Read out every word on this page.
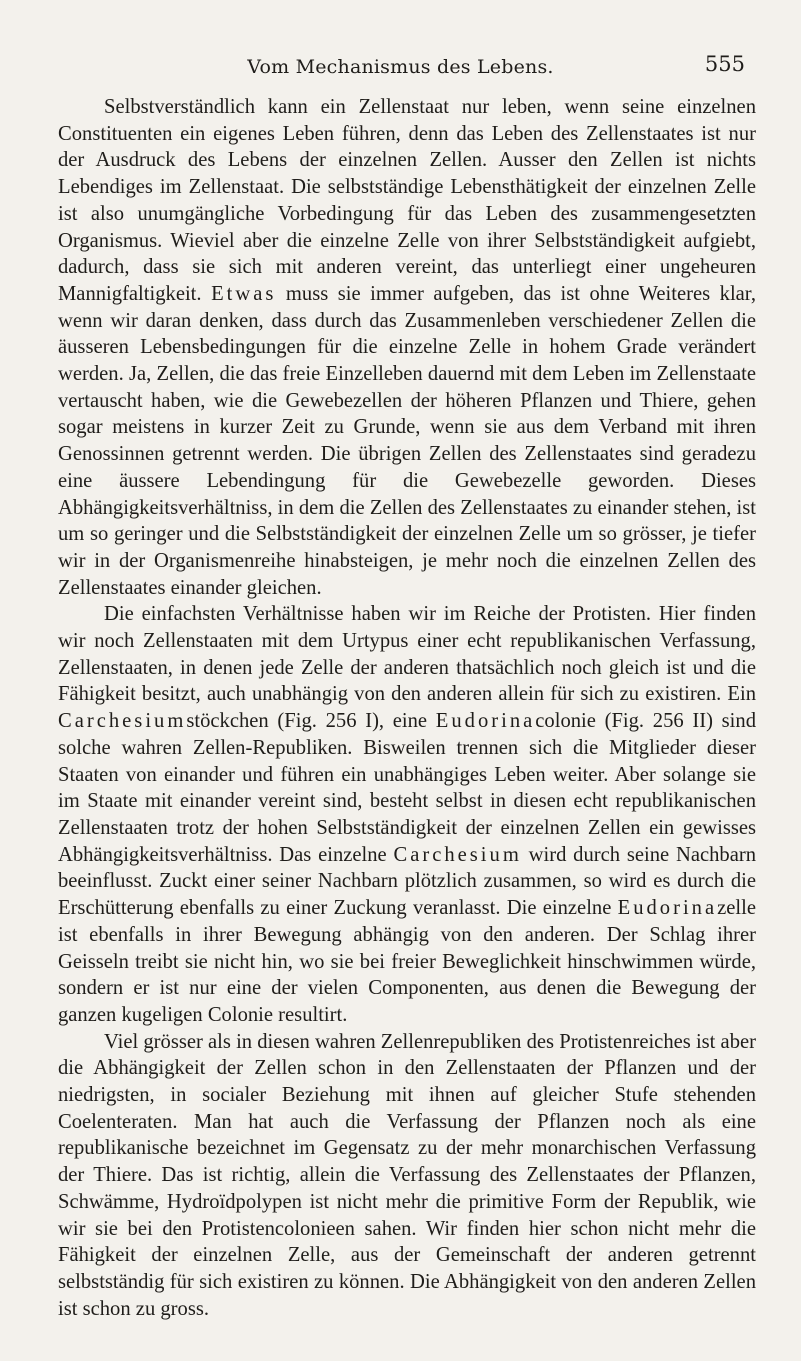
Vom Mechanismus des Lebens.	555

Selbstverständlich kann ein Zellenstaat nur leben, wenn seine einzelnen Constituenten ein eigenes Leben führen, denn das Leben des Zellenstaates ist nur der Ausdruck des Lebens der einzelnen Zellen. Ausser den Zellen ist nichts Lebendiges im Zellenstaat. Die selbstständige Lebensthätigkeit der einzelnen Zelle ist also unumgängliche Vorbedingung für das Leben des zusammengesetzten Organismus. Wieviel aber die einzelne Zelle von ihrer Selbstständigkeit aufgiebt, dadurch, dass sie sich mit anderen vereint, das unterliegt einer ungeheuren Mannigfaltigkeit. Etwas muss sie immer aufgeben, das ist ohne Weiteres klar, wenn wir daran denken, dass durch das Zusammenleben verschiedener Zellen die äusseren Lebensbedingungen für die einzelne Zelle in hohem Grade verändert werden. Ja, Zellen, die das freie Einzelleben dauernd mit dem Leben im Zellenstaate vertauscht haben, wie die Gewebezellen der höheren Pflanzen und Thiere, gehen sogar meistens in kurzer Zeit zu Grunde, wenn sie aus dem Verband mit ihren Genossinnen getrennt werden. Die übrigen Zellen des Zellenstaates sind geradezu eine äussere Lebendingung für die Gewebezelle geworden. Dieses Abhängigkeitsverhältniss, in dem die Zellen des Zellenstaates zu einander stehen, ist um so geringer und die Selbstständigkeit der einzelnen Zelle um so grösser, je tiefer wir in der Organismenreihe hinabsteigen, je mehr noch die einzelnen Zellen des Zellenstaates einander gleichen.

Die einfachsten Verhältnisse haben wir im Reiche der Protisten. Hier finden wir noch Zellenstaaten mit dem Urtypus einer echt republikanischen Verfassung, Zellenstaaten, in denen jede Zelle der anderen thatsächlich noch gleich ist und die Fähigkeit besitzt, auch unabhängig von den anderen allein für sich zu existiren. Ein Carchesiumstöckchen (Fig. 256 I), eine Eudorinacolonie (Fig. 256 II) sind solche wahren Zellen-Republiken. Bisweilen trennen sich die Mitglieder dieser Staaten von einander und führen ein unabhängiges Leben weiter. Aber solange sie im Staate mit einander vereint sind, besteht selbst in diesen echt republikanischen Zellenstaaten trotz der hohen Selbstständigkeit der einzelnen Zellen ein gewisses Abhängigkeitsverhältniss. Das einzelne Carchesium wird durch seine Nachbarn beeinflusst. Zuckt einer seiner Nachbarn plötzlich zusammen, so wird es durch die Erschütterung ebenfalls zu einer Zuckung veranlasst. Die einzelne Eudorinazelle ist ebenfalls in ihrer Bewegung abhängig von den anderen. Der Schlag ihrer Geisseln treibt sie nicht hin, wo sie bei freier Beweglichkeit hinschwimmen würde, sondern er ist nur eine der vielen Componenten, aus denen die Bewegung der ganzen kugeligen Colonie resultirt.

Viel grösser als in diesen wahren Zellenrepubliken des Protistenreiches ist aber die Abhängigkeit der Zellen schon in den Zellenstaaten der Pflanzen und der niedrigsten, in socialer Beziehung mit ihnen auf gleicher Stufe stehenden Coelenteraten. Man hat auch die Verfassung der Pflanzen noch als eine republikanische bezeichnet im Gegensatz zu der mehr monarchischen Verfassung der Thiere. Das ist richtig, allein die Verfassung des Zellenstaates der Pflanzen, Schwämme, Hydroïdpolypen ist nicht mehr die primitive Form der Republik, wie wir sie bei den Protistencolonieen sahen. Wir finden hier schon nicht mehr die Fähigkeit der einzelnen Zelle, aus der Gemeinschaft der anderen getrennt selbstständig für sich existiren zu können. Die Abhängigkeit von den anderen Zellen ist schon zu gross.
